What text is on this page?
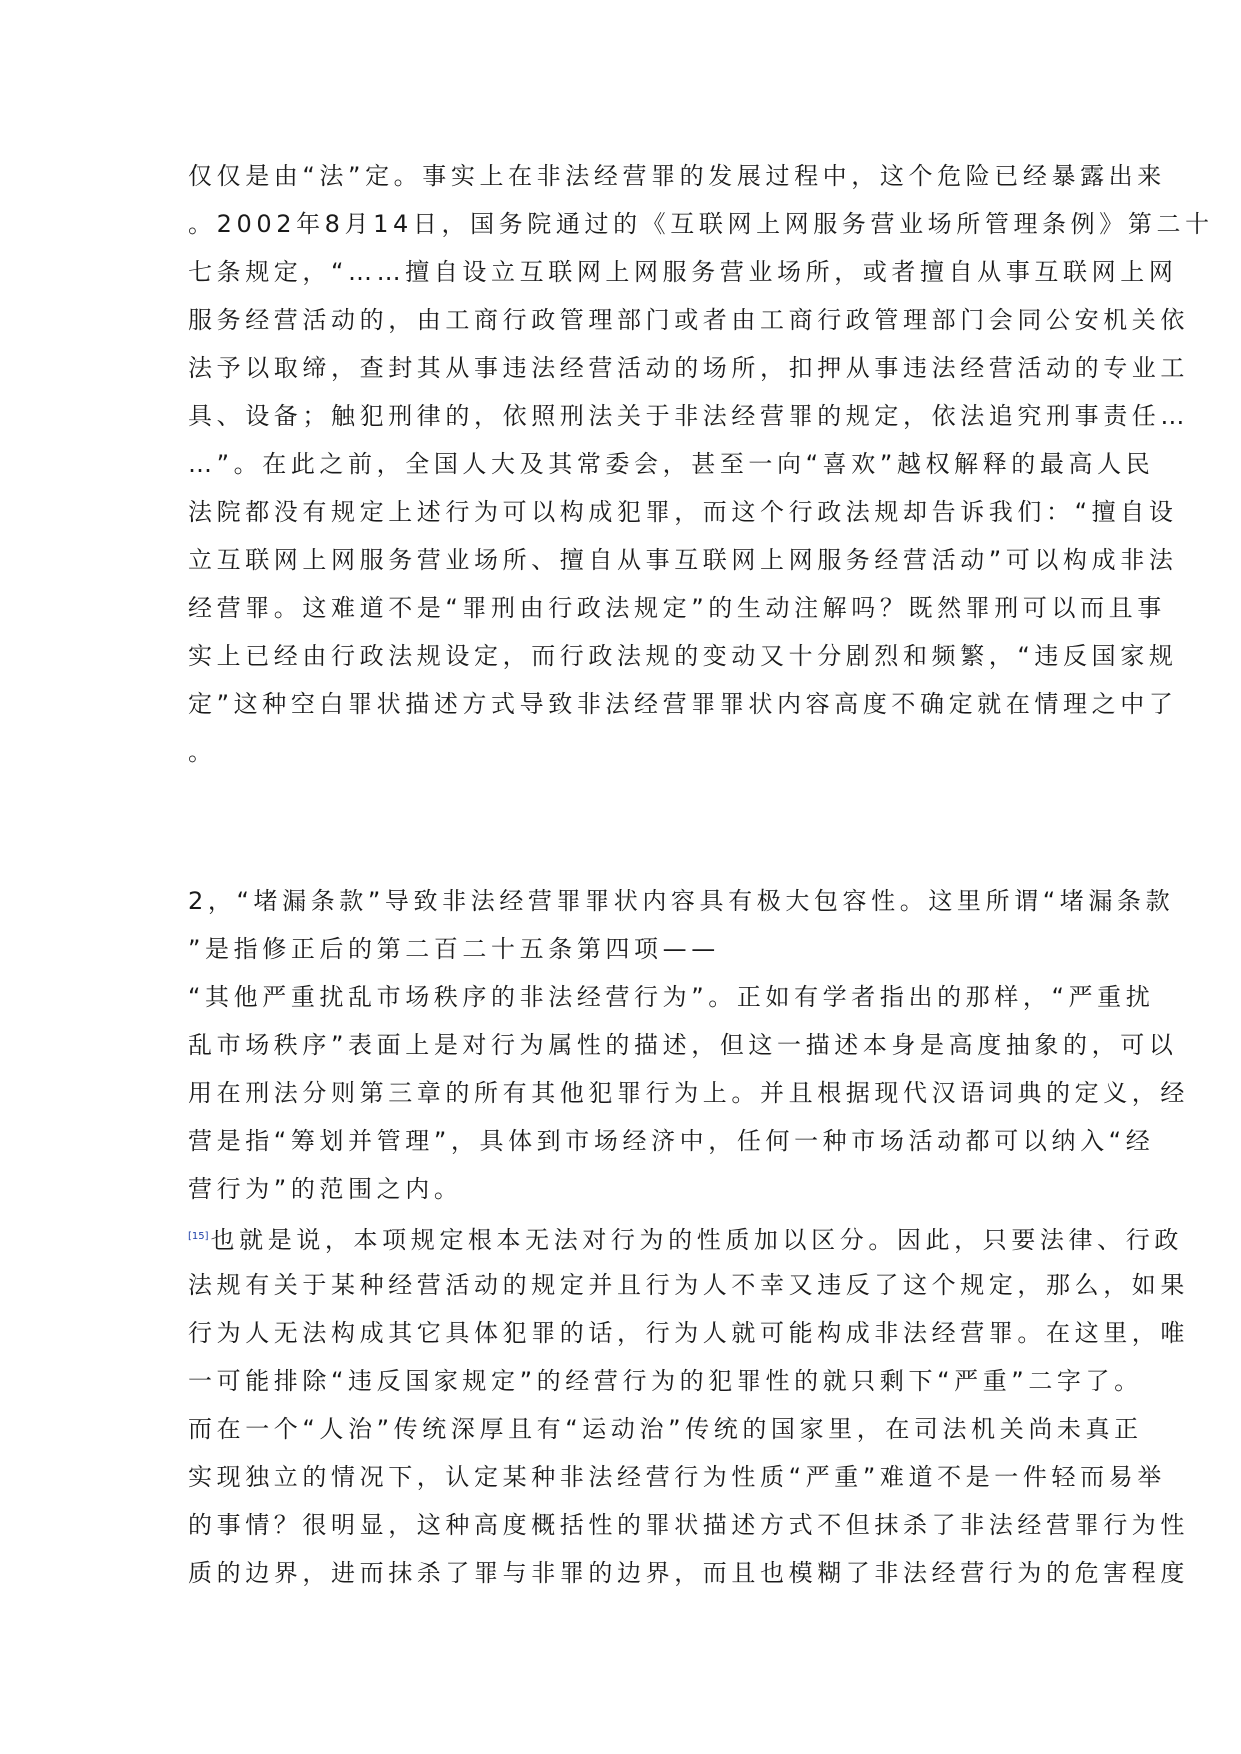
仅仅是由“法”定。事实上在非法经营罪的发展过程中，这个危险已经暴露出来
。2002年8月14日，国务院通过的《互联网上网服务营业场所管理条例》第二十
七条规定，“……擅自设立互联网上网服务营业场所，或者擅自从事互联网上网
服务经营活动的，由工商行政管理部门或者由工商行政管理部门会同公安机关依
法予以取缔，查封其从事违法经营活动的场所，扣押从事违法经营活动的专业工
具、设备；触犯刑律的，依照刑法关于非法经营罪的规定，依法追究刑事责任…
…”。在此之前，全国人大及其常委会，甚至一向“喜欢”越权解释的最高人民
法院都没有规定上述行为可以构成犯罪，而这个行政法规却告诉我们：“擅自设
立互联网上网服务营业场所、擅自从事互联网上网服务经营活动”可以构成非法
经营罪。这难道不是“罪刑由行政法规定”的生动注解吗？既然罪刑可以而且事
实上已经由行政法规设定，而行政法规的变动又十分剧烈和频繁，“违反国家规
定”这种空白罪状描述方式导致非法经营罪罪状内容高度不确定就在情理之中了
。
2，“堵漏条款”导致非法经营罪罪状内容具有极大包容性。这里所谓“堵漏条款
”是指修正后的第二百二十五条第四项——
“其他严重扰乱市场秩序的非法经营行为”。正如有学者指出的那样，“严重扰
乱市场秩序”表面上是对行为属性的描述，但这一描述本身是高度抽象的，可以
用在刑法分则第三章的所有其他犯罪行为上。并且根据现代汉语词典的定义，经
营是指“筹划并管理”，具体到市场经济中，任何一种市场活动都可以纳入“经
营行为”的范围之内。
[15]也就是说，本项规定根本无法对行为的性质加以区分。因此，只要法律、行政
法规有关于某种经营活动的规定并且行为人不幸又违反了这个规定，那么，如果
行为人无法构成其它具体犯罪的话，行为人就可能构成非法经营罪。在这里，唯
一可能排除“违反国家规定”的经营行为的犯罪性的就只剩下“严重”二字了。
而在一个“人治”传统深厚且有“运动治”传统的国家里，在司法机关尚未真正
实现独立的情况下，认定某种非法经营行为性质“严重”难道不是一件轻而易举
的事情？很明显，这种高度概括性的罪状描述方式不但抹杀了非法经营罪行为性
质的边界，进而抹杀了罪与非罪的边界，而且也模糊了非法经营行为的危害程度
